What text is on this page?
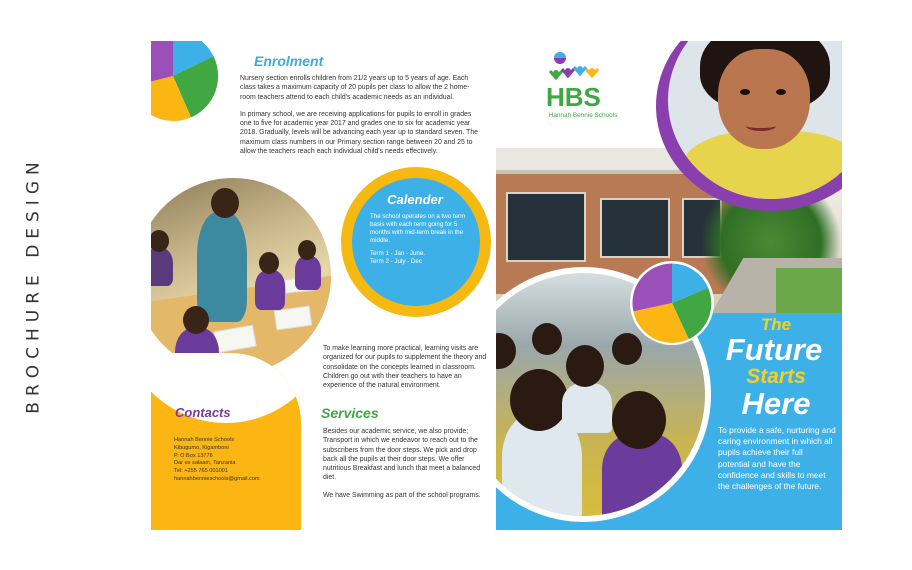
BROCHURE DESIGN
Enrolment

Nursery section enrolls children from 21/2 years up to 5 years of age. Each class takes a maximum capacity of 20 pupils per class to allow the 2 home-room teachers attend to each child's academic needs as an individual.

In primary school, we are receiving applications for pupils to enroll in grades one to five for academic year 2017 and grades one to six for academic year 2018. Gradually, levels will be advancing each year up to standard seven. The maximum class numbers in our Primary section range between 20 and 25 to allow the teachers reach each individual child's needs effectively.

Calender
The school operates on a two term basis with each term going for 5 months with mid-term break in the middle.
Term 1 - Jan - June.
Term 2 - July - Dec
Contacts
Hannah Bennie Schools
Kibugumo, Kigamboni
P. O Box 13776
Dar es salaam, Tanzania
Tel: +255 765 001001
hannahbennieschools@gmail.com
To make learning more practical, learning visits are organized for our pupils to supplement the theory and consolidate on the concepts learned in classroom. Children go out with their teachers to have an experience of the natural environment.
Services

Besides our academic service, we also provide; Transport in which we endeavor to reach out to the subscribers from the door steps. We pick and drop back all the pupils at their door steps. We offer nutritious Breakfast and lunch that meet a balanced diet.

We have Swimming as part of the school programs.

HBS
Hannah Bennie Schools
The
Future
Starts
Here
To provide a safe, nurturing and caring environment in which all pupils achieve their full potential and have the confidence and skills to meet the challenges of the future.
